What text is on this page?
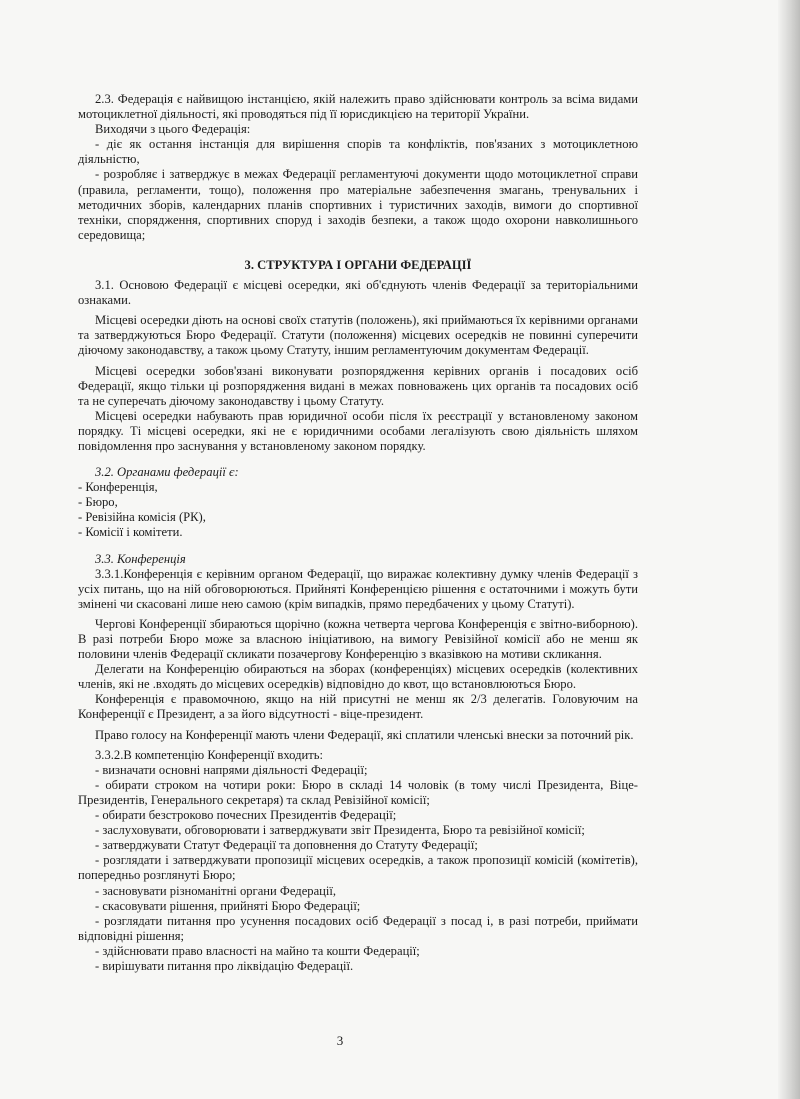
2.3. Федерація є найвищою інстанцією, якій належить право здійснювати контроль за всіма видами мотоциклетної діяльності, які проводяться під її юрисдикцією на території України.

Виходячи з цього Федерація:

- діє як остання інстанція для вирішення спорів та конфліктів, пов'язаних з мотоциклетною діяльністю,

- розробляє і затверджує в межах Федерації регламентуючі документи щодо мотоциклетної справи (правила, регламенти, тощо), положення про матеріальне забезпечення змагань, тренувальних і методичних зборів, календарних планів спортивних і туристичних заходів, вимоги до спортивної техніки, спорядження, спортивних споруд і заходів безпеки, а також щодо охорони навколишнього середовища;

3. СТРУКТУРА І ОРГАНИ ФЕДЕРАЦІЇ

3.1. Основою Федерації є місцеві осередки, які об'єднують членів Федерації за територіальними ознаками.

Місцеві осередки діють на основі своїх статутів (положень), які приймаються їх керівними органами та затверджуються Бюро Федерації. Статути (положення) місцевих осередків не повинні суперечити діючому законодавству, а також цьому Статуту, іншим регламентуючим документам Федерації.

Місцеві осередки зобов'язані виконувати розпорядження керівних органів і посадових осіб Федерації, якщо тільки ці розпорядження видані в межах повноважень цих органів та посадових осіб та не суперечать діючому законодавству і цьому Статуту.

Місцеві осередки набувають прав юридичної особи після їх реєстрації у встановленому законом порядку. Ті місцеві осередки, які не є юридичними особами легалізують свою діяльність шляхом повідомлення про заснування у встановленому законом порядку.

3.2. Органами федерації є:

- Конференція,

- Бюро,

- Ревізійна комісія (РК),

- Комісії і комітети.

3.3. Конференція

3.3.1.Конференція є керівним органом Федерації, що виражає колективну думку членів Федерації з усіх питань, що на ній обговорюються. Прийняті Конференцією рішення є остаточними і можуть бути змінені чи скасовані лише нею самою (крім випадків, прямо передбачених у цьому Статуті).

Чергові Конференції збираються щорічно (кожна четверта чергова Конференція є звітно-виборною). В разі потреби Бюро може за власною ініціативою, на вимогу Ревізійної комісії або не менш як половини членів Федерації скликати позачергову Конференцію з вказівкою на мотиви скликання.

Делегати на Конференцію обираються на зборах (конференціях) місцевих осередків (колективних членів, які не .входять до місцевих осередків) відповідно до квот, що встановлюються Бюро.

Конференція є правомочною, якщо на ній присутні не менш як 2/3 делегатів. Головуючим на Конференції є Президент, а за його відсутності - віце-президент.

Право голосу на Конференції мають члени Федерації, які сплатили членські внески за поточний рік.

3.3.2.В компетенцію Конференції входить:

- визначати основні напрями діяльності Федерації;

- обирати строком на чотири роки: Бюро в складі 14 чоловік (в тому числі Президента, Віце-Президентів, Генерального секретаря) та склад Ревізійної комісії;

- обирати безстроково почесних Президентів Федерації;

- заслуховувати, обговорювати і затверджувати звіт Президента, Бюро та ревізійної комісії;

- затверджувати Статут Федерації та доповнення до Статуту Федерації;

- розглядати і затверджувати пропозиції місцевих осередків, а також пропозиції комісій (комітетів), попередньо розглянуті Бюро;

- засновувати різноманітні органи Федерації,

- скасовувати рішення, прийняті Бюро Федерації;

- розглядати питання про усунення посадових осіб Федерації з посад і, в разі потреби, приймати відповідні рішення;

- здійснювати право власності на майно та кошти Федерації;

- вирішувати питання про ліквідацію Федерації.

3
